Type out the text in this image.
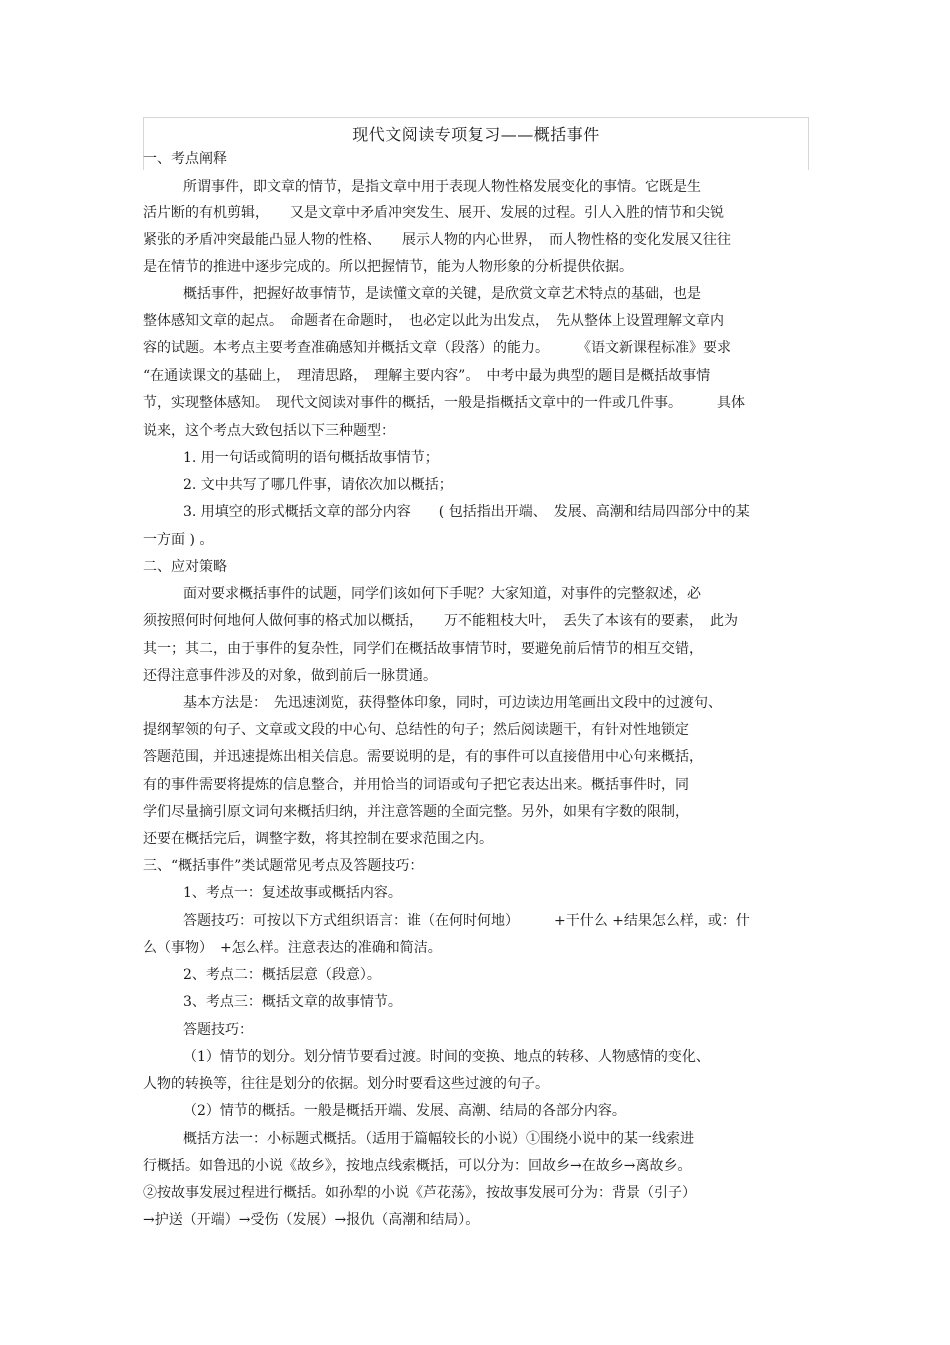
现代文阅读专项复习——概括事件
一、考点阐释
所谓事件，即文章的情节，是指文章中用于表现人物性格发展变化的事情。它既是生
活片断的有机剪辑，　　又是文章中矛盾冲突发生、展开、发展的过程。引人入胜的情节和尖锐
紧张的矛盾冲突最能凸显人物的性格、　　展示人物的内心世界，　而人物性格的变化发展又往往
是在情节的推进中逐步完成的。所以把握情节，能为人物形象的分析提供依据。
概括事件，把握好故事情节，是读懂文章的关键，是欣赏文章艺术特点的基础，也是
整体感知文章的起点。　命题者在命题时，　也必定以此为出发点，　先从整体上设置理解文章内
容的试题。本考点主要考查准确感知并概括文章（段落）的能力。　　　《语文新课程标准》要求
“在通读课文的基础上，　理清思路，　理解主要内容”。　中考中最为典型的题目是概括故事情
节，实现整体感知。　现代文阅读对事件的概括，一般是指概括文章中的一件或几件事。　　　具体
说来，这个考点大致包括以下三种题型：
1. 用一句话或简明的语句概括故事情节；
2. 文中共写了哪几件事，请依次加以概括；
3. 用填空的形式概括文章的部分内容　　( 包括指出开端、　发展、高潮和结局四部分中的某
一方面 ) 。
二、应对策略
面对要求概括事件的试题，同学们该如何下手呢？大家知道，对事件的完整叙述，必
须按照何时何地何人做何事的格式加以概括，　　万不能粗枝大叶，　丢失了本该有的要素，　此为
其一；其二，由于事件的复杂性，同学们在概括故事情节时，要避免前后情节的相互交错，
还得注意事件涉及的对象，做到前后一脉贯通。
基本方法是：　先迅速浏览，获得整体印象，同时，可边读边用笔画出文段中的过渡句、
提纲挈领的句子、文章或文段的中心句、总结性的句子；然后阅读题干，有针对性地锁定
答题范围，并迅速提炼出相关信息。需要说明的是，有的事件可以直接借用中心句来概括，
有的事件需要将提炼的信息整合，并用恰当的词语或句子把它表达出来。概括事件时，同
学们尽量摘引原文词句来概括归纳，并注意答题的全面完整。另外，如果有字数的限制，
还要在概括完后，调整字数，将其控制在要求范围之内。
三、“概括事件”类试题常见考点及答题技巧：
1、考点一：复述故事或概括内容。
答题技巧：可按以下方式组织语言：谁（在何时何地）　　　+干什么 +结果怎么样，或：什
么（事物）　+怎么样。注意表达的准确和简洁。
2、考点二：概括层意（段意）。
3、考点三：概括文章的故事情节。
答题技巧：
（1）情节的划分。划分情节要看过渡。时间的变换、地点的转移、人物感情的变化、
人物的转换等，往往是划分的依据。划分时要看这些过渡的句子。
（2）情节的概括。一般是概括开端、发展、高潮、结局的各部分内容。
概括方法一：小标题式概括。（适用于篇幅较长的小说）①围绕小说中的某一线索进
行概括。如鲁迅的小说《故乡》，按地点线索概括，可以分为：回故乡→在故乡→离故乡。
②按故事发展过程进行概括。如孙犁的小说《芦花荡》，按故事发展可分为：背景（引子）
→护送（开端）→受伤（发展）→报仇（高潮和结局）。
